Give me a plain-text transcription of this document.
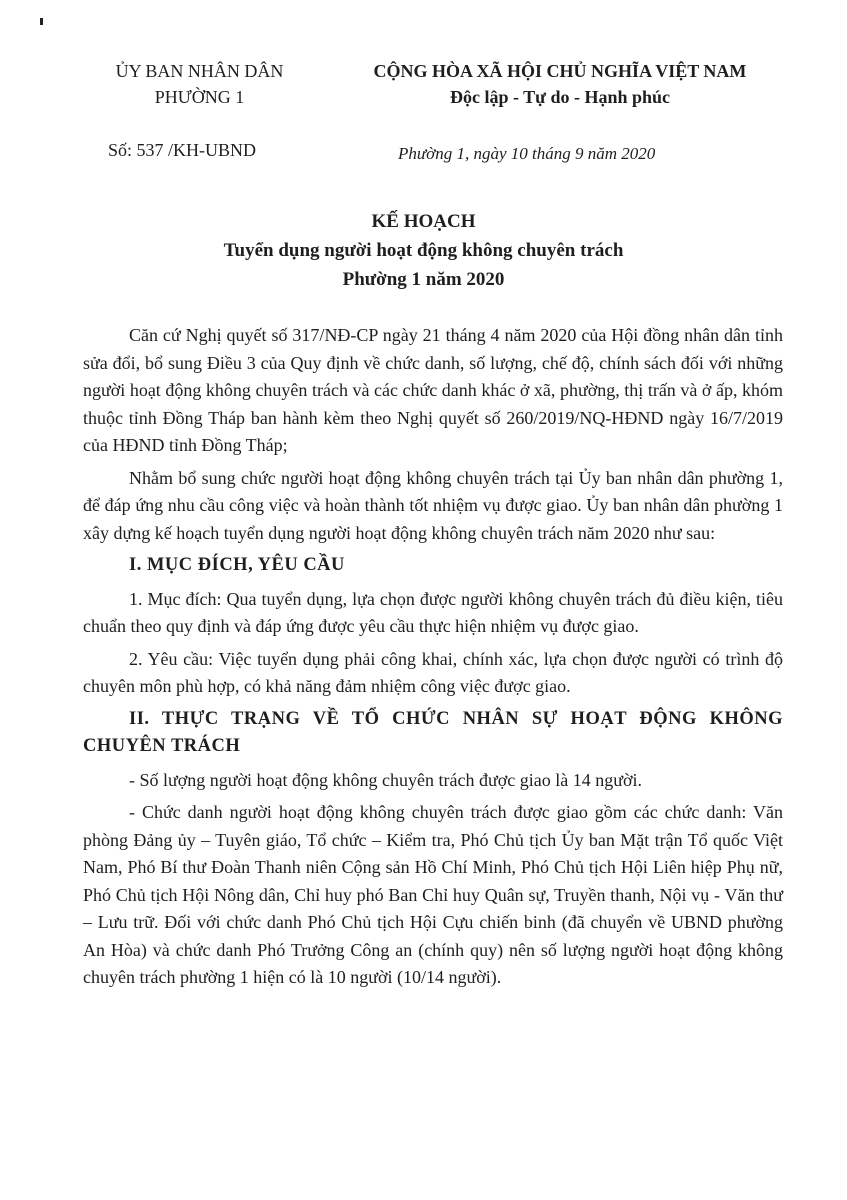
ỦY BAN NHÂN DÂN
PHƯỜNG 1
CỘNG HÒA XÃ HỘI CHỦ NGHĨA VIỆT NAM
Độc lập - Tự do - Hạnh phúc
Số: 537 /KH-UBND	Phường 1, ngày 10 tháng 9 năm 2020
KẾ HOẠCH
Tuyển dụng người hoạt động không chuyên trách
Phường 1 năm 2020

Căn cứ Nghị quyết số 317/NĐ-CP ngày 21 tháng 4 năm 2020 của Hội đồng nhân dân tỉnh sửa đổi, bổ sung Điều 3 của Quy định về chức danh, số lượng, chế độ, chính sách đối với những người hoạt động không chuyên trách và các chức danh khác ở xã, phường, thị trấn và ở ấp, khóm thuộc tỉnh Đồng Tháp ban hành kèm theo Nghị quyết số 260/2019/NQ-HĐND ngày 16/7/2019 của HĐND tỉnh Đồng Tháp;

Nhằm bổ sung chức người hoạt động không chuyên trách tại Ủy ban nhân dân phường 1, để đáp ứng nhu cầu công việc và hoàn thành tốt nhiệm vụ được giao. Ủy ban nhân dân phường 1 xây dựng kế hoạch tuyển dụng người hoạt động không chuyên trách năm 2020 như sau:

I. MỤC ĐÍCH, YÊU CẦU

1. Mục đích: Qua tuyển dụng, lựa chọn được người không chuyên trách đủ điều kiện, tiêu chuẩn theo quy định và đáp ứng được yêu cầu thực hiện nhiệm vụ được giao.

2. Yêu cầu: Việc tuyển dụng phải công khai, chính xác, lựa chọn được người có trình độ chuyên môn phù hợp, có khả năng đảm nhiệm công việc được giao.

II. THỰC TRẠNG VỀ TỔ CHỨC NHÂN SỰ HOẠT ĐỘNG KHÔNG CHUYÊN TRÁCH

- Số lượng người hoạt động không chuyên trách được giao là 14 người.

- Chức danh người hoạt động không chuyên trách được giao gồm các chức danh: Văn phòng Đảng ủy – Tuyên giáo, Tổ chức – Kiểm tra, Phó Chủ tịch Ủy ban Mặt trận Tổ quốc Việt Nam, Phó Bí thư Đoàn Thanh niên Cộng sản Hồ Chí Minh, Phó Chủ tịch Hội Liên hiệp Phụ nữ, Phó Chủ tịch Hội Nông dân, Chỉ huy phó Ban Chỉ huy Quân sự, Truyền thanh, Nội vụ - Văn thư – Lưu trữ. Đối với chức danh Phó Chủ tịch Hội Cựu chiến binh (đã chuyển về UBND phường An Hòa) và chức danh Phó Trưởng Công an (chính quy) nên số lượng người hoạt động không chuyên trách phường 1 hiện có là 10 người (10/14 người).
